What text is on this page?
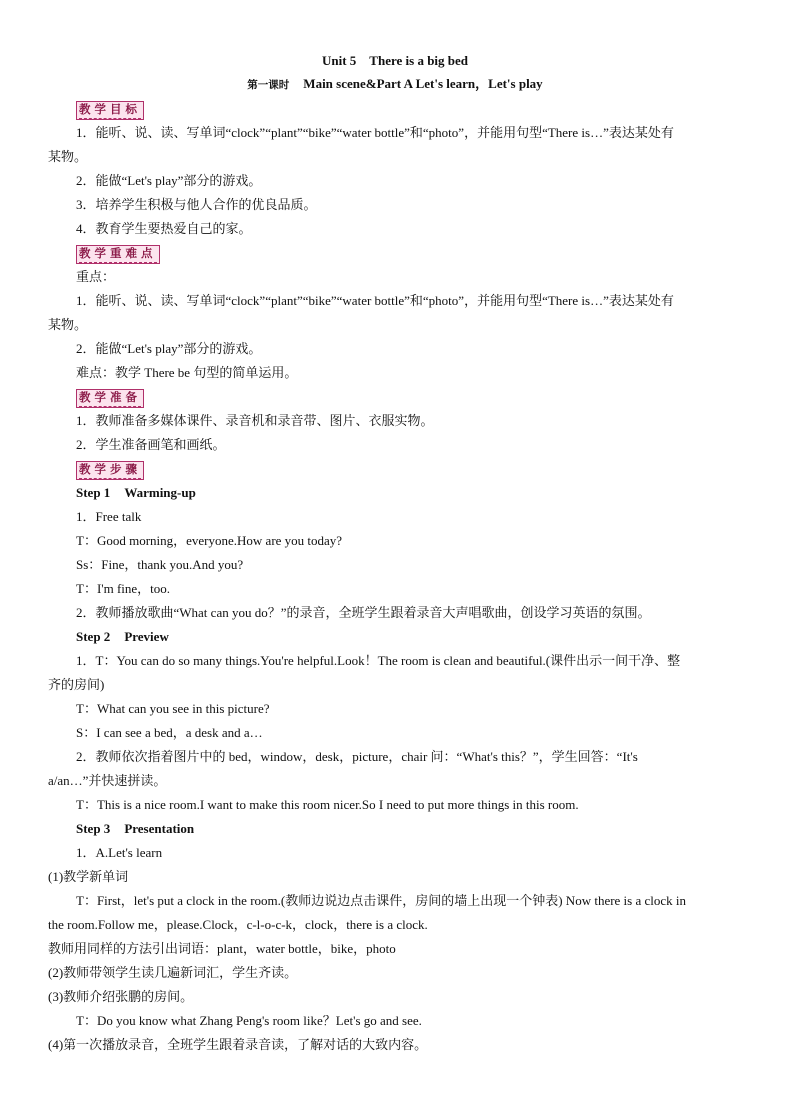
Unit 5　There is a big bed
第一课时 Main scene&Part A Let's learn，Let's play
教学目标
1．能听、说、读、写单词“clock”“plant”“bike”“water bottle”和“photo”，并能用句型“There is…”表达某处有
某物。
2．能做“Let's play”部分的游戏。
3．培养学生积极与他人合作的优良品质。
4．教育学生要热爱自己的家。
教学重难点
重点：
1．能听、说、读、写单词“clock”“plant”“bike”“water bottle”和“photo”，并能用句型“There is…”表达某处有
某物。
2．能做“Let's play”部分的游戏。
难点：教学 There be 句型的简单运用。
教学准备
1．教师准备多媒体课件、录音机和录音带、图片、衣服实物。
2．学生准备画笔和画纸。
教学步骤
Step 1 Warming-up
1．Free talk
T：Good morning，everyone.How are you today?
Ss：Fine，thank you.And you?
T：I'm fine，too.
2．教师播放歌曲“What can you do？”的录音，全班学生跟着录音大声唱歌曲，创设学习英语的氛围。
Step 2 Preview
1．T：You can do so many things.You're helpful.Look！The room is clean and beautiful.(课件出示一间干净、整
齐的房间)
T：What can you see in this picture?
S：I can see a bed，a desk and a…
2．教师依次指着图片中的 bed，window，desk，picture，chair 问：“What's this？”，学生回答：“It's
a/an…”并快速拼读。
T：This is a nice room.I want to make this room nicer.So I need to put more things in this room.
Step 3 Presentation
1．A.Let's learn
(1)教学新单词
T：First，let's put a clock in the room.(教师边说边点击课件，房间的墙上出现一个钟表) Now there is a clock in
the room.Follow me，please.Clock，c-l-o-c-k，clock，there is a clock.
教师用同样的方法引出词语：plant，water bottle，bike，photo
(2)教师带领学生读几遍新词汇，学生齐读。
(3)教师介绍张鹏的房间。
T：Do you know what Zhang Peng's room like？Let's go and see.
(4)第一次播放录音，全班学生跟着录音读，了解对话的大致内容。
